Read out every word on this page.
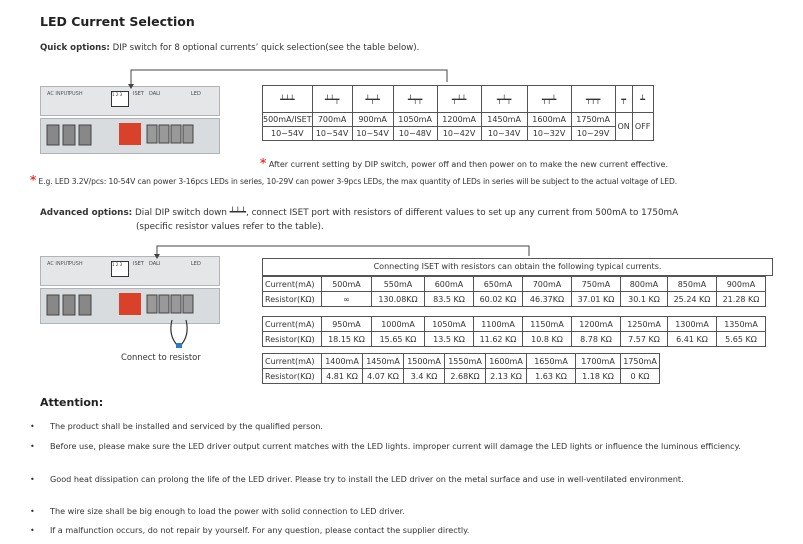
LED Current Selection
Quick options: DIP switch for 8 optional currents’ quick selection(see the table below).
AC INPUT
PUSH	1 2 3	ISET DALI	LED
┷┷┷	┷┷┯	┷┯┷	┷┯┯	┯┷┷	┯┷┯	┯┯┷	┯┯┯	┯	┷
500mA/ISET	700mA	900mA	1050mA	1200mA	1450mA	1600mA	1750mA	ON	OFF
10~54V	10~54V	10~54V	10~48V	10~42V	10~34V	10~32V	10~29V		
* After current setting by DIP switch, power off and then power on to make the new current effective.
* E.g. LED 3.2V/pcs: 10-54V can power 3-16pcs LEDs in series, 10-29V can power 3-9pcs LEDs, the max quantity of LEDs in series will be subject to the actual voltage of LED.
Advanced options: Dial DIP switch down ┷┷┷, connect ISET port with resistors of different values to set up any current from 500mA to 1750mA
(specific resistor values refer to the table).
AC INPUT
PUSH	1 2 3	ISET DALI	LED
Connect to resistor
Connecting ISET with resistors can obtain the following typical currents.
Current(mA)	500mA	550mA	600mA	650mA	700mA	750mA	800mA	850mA	900mA
Resistor(KΩ)	∞	130.08KΩ	83.5 KΩ	60.02 KΩ	46.37KΩ	37.01 KΩ	30.1 KΩ	25.24 KΩ	21.28 KΩ
Current(mA)	950mA	1000mA	1050mA	1100mA	1150mA	1200mA	1250mA	1300mA	1350mA
Resistor(KΩ)	18.15 KΩ	15.65 KΩ	13.5 KΩ	11.62 KΩ	10.8 KΩ	8.78 KΩ	7.57 KΩ	6.41 KΩ	5.65 KΩ
Current(mA)	1400mA	1450mA	1500mA	1550mA	1600mA	1650mA	1700mA	1750mA
Resistor(KΩ)	4.81 KΩ	4.07 KΩ	3.4 KΩ	2.68KΩ	2.13 KΩ	1.63 KΩ	1.18 KΩ	0 KΩ
Attention:
• The product shall be installed and serviced by the qualified person.
• Before use, please make sure the LED driver output current matches with the LED lights. improper current will damage the LED lights or influence the luminous efficiency.
• Good heat dissipation can prolong the life of the LED driver. Please try to install the LED driver on the metal surface and use in well-ventilated environment.
• The wire size shall be big enough to load the power with solid connection to LED driver.
• If a malfunction occurs, do not repair by yourself. For any question, please contact the supplier directly.
